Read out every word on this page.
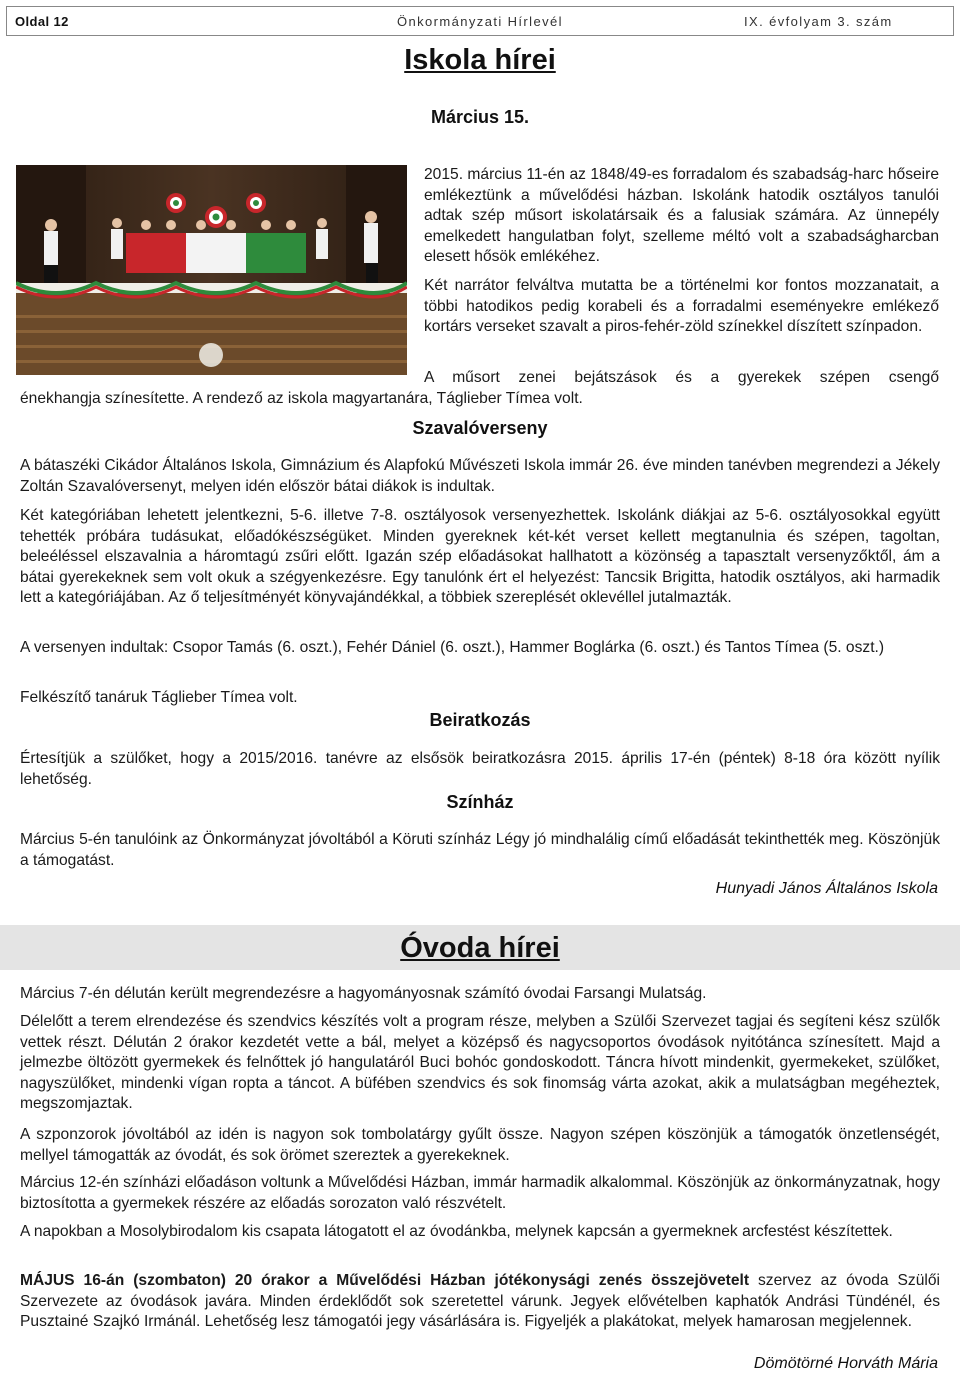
Oldal 12	Önkormányzati Hírlevél	IX. évfolyam 3. szám
Iskola hírei
Március 15.
2015. március 11-én az 1848/49-es forradalom és szabadság-harc hőseire emlékeztünk a művelődési házban. Iskolánk hatodik osztályos tanulói adtak szép műsort iskolatársaik és a falusiak számára. Az ünnepély emelkedett hangulatban folyt, szelleme méltó volt a szabadságharcban elesett hősök emlékéhez.
Két narrátor felváltva mutatta be a történelmi kor fontos mozzanatait, a többi hatodikos pedig korabeli és a forradalmi eseményekre emlékező kortárs verseket szavalt a piros-fehér-zöld színekkel díszített színpadon.
A műsort zenei bejátszások és a gyerekek szépen csengő
énekhangja színesítette. A rendező az iskola magyartanára, Táglieber Tímea volt.
Szavalóverseny
A bátaszéki Cikádor Általános Iskola, Gimnázium és Alapfokú Művészeti Iskola immár 26. éve minden tanévben megrendezi a Jékely Zoltán Szavalóversenyt, melyen idén először bátai diákok is indultak.
Két kategóriában lehetett jelentkezni, 5-6. illetve 7-8. osztályosok versenyezhettek. Iskolánk diákjai az 5-6. osztályosokkal együtt tehették próbára tudásukat, előadókészségüket. Minden gyereknek két-két verset kellett megtanulnia és szépen, tagoltan, beleéléssel elszavalnia a háromtagú zsűri előtt. Igazán szép előadásokat hallhatott a közönség a tapasztalt versenyzőktől, ám a bátai gyerekeknek sem volt okuk a szégyenkezésre. Egy tanulónk ért el helyezést: Tancsik Brigitta, hatodik osztályos, aki harmadik lett a kategóriájában. Az ő teljesítményét könyvajándékkal, a többiek szereplését oklevéllel jutalmazták.
A versenyen indultak: Csopor Tamás (6. oszt.), Fehér Dániel (6. oszt.), Hammer Boglárka (6. oszt.) és Tantos Tímea (5. oszt.)
Felkészítő tanáruk Táglieber Tímea volt.
Beiratkozás
Értesítjük a szülőket, hogy a 2015/2016. tanévre az elsősök beiratkozásra 2015. április 17-én (péntek) 8-18 óra között nyílik lehetőség.
Színház
Március 5-én tanulóink az Önkormányzat jóvoltából a Köruti színház Légy jó mindhalálig című előadását tekinthették meg. Köszönjük a támogatást.
Hunyadi János Általános Iskola
Óvoda hírei
Március 7-én délután került megrendezésre a hagyományosnak számító óvodai Farsangi Mulatság.
Délelőtt a terem elrendezése és szendvics készítés volt a program része, melyben a Szülői Szervezet tagjai és segíteni kész szülők vettek részt. Délután 2 órakor kezdetét vette a bál, melyet a középső és nagycsoportos óvodások nyitótánca színesített. Majd a jelmezbe öltözött gyermekek és felnőttek jó hangulatáról Buci bohóc gondoskodott. Táncra hívott mindenkit, gyermekeket, szülőket, nagyszülőket, mindenki vígan ropta a táncot. A büfében szendvics és sok finomság várta azokat, akik a mulatságban megéheztek, megszomjaztak.
A szponzorok jóvoltából az idén is nagyon sok tombolatárgy gyűlt össze. Nagyon szépen köszönjük a támogatók önzetlenségét, mellyel támogatták az óvodát, és sok örömet szereztek a gyerekeknek.
Március 12-én színházi előadáson voltunk a Művelődési Házban, immár harmadik alkalommal. Köszönjük az önkormányzatnak, hogy biztosította a gyermekek részére az előadás sorozaton való részvételt.
A napokban a Mosolybirodalom kis csapata látogatott el az óvodánkba, melynek kapcsán a gyermeknek arcfestést készítettek.
MÁJUS 16-án (szombaton) 20 órakor a Művelődési Házban jótékonysági zenés összejövetelt szervez az óvoda Szülői Szervezete az óvodások javára. Minden érdeklődőt sok szeretettel várunk. Jegyek elővételben kaphatók Andrási Tündénél, és Pusztainé Szajkó Irmánál. Lehetőség lesz támogatói jegy vásárlására is. Figyeljék a plakátokat, melyek hamarosan megjelennek.
Dömötörné Horváth Mária
